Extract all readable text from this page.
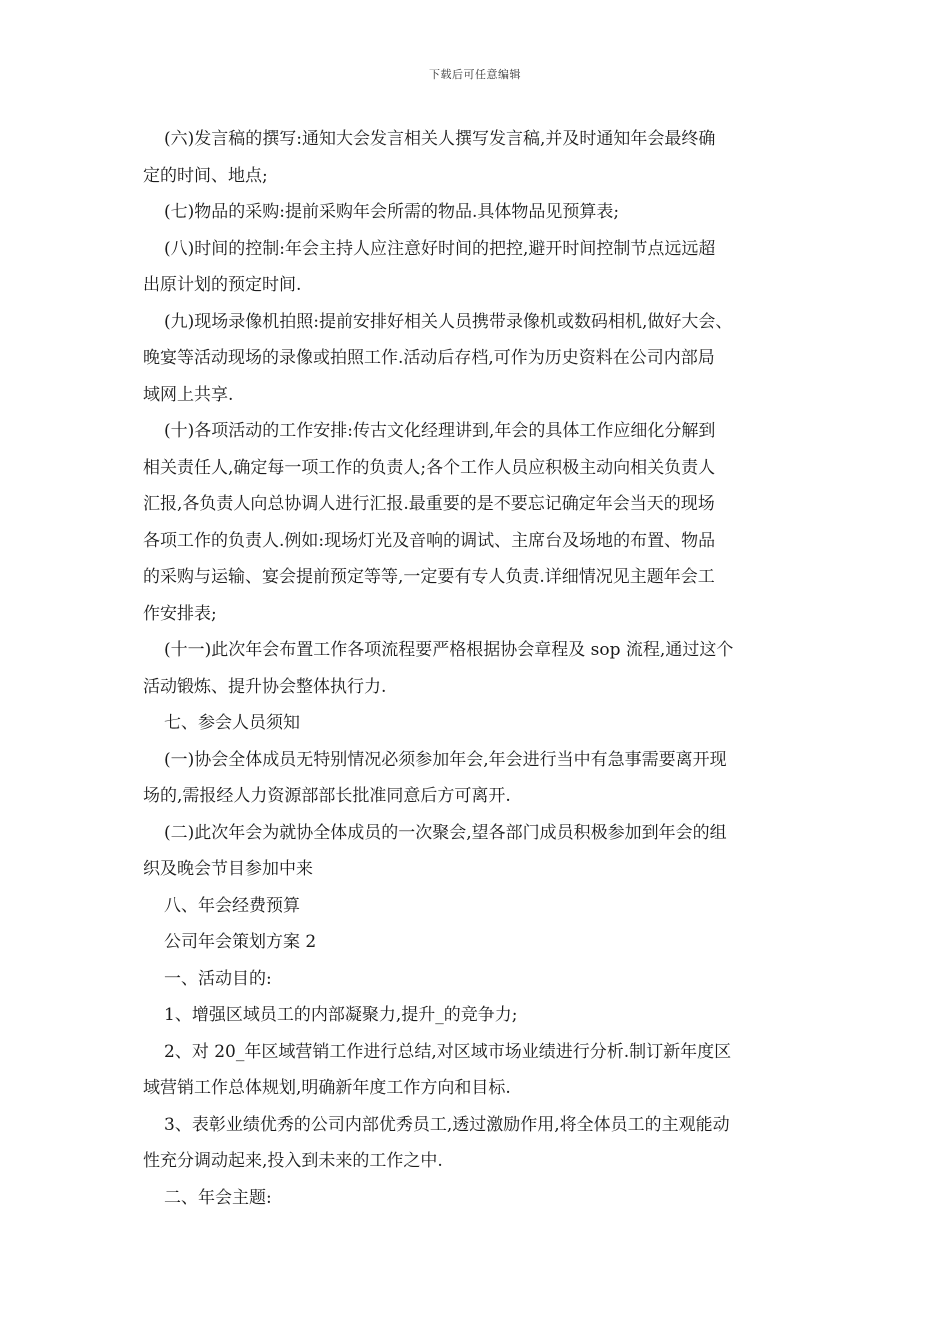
下载后可任意编辑
(六)发言稿的撰写:通知大会发言相关人撰写发言稿,并及时通知年会最终确
定的时间、地点;
(七)物品的采购:提前采购年会所需的物品.具体物品见预算表;
(八)时间的控制:年会主持人应注意好时间的把控,避开时间控制节点远远超
出原计划的预定时间.
(九)现场录像机拍照:提前安排好相关人员携带录像机或数码相机,做好大会、
晚宴等活动现场的录像或拍照工作.活动后存档,可作为历史资料在公司内部局
域网上共享.
(十)各项活动的工作安排:传古文化经理讲到,年会的具体工作应细化分解到
相关责任人,确定每一项工作的负责人;各个工作人员应积极主动向相关负责人
汇报,各负责人向总协调人进行汇报.最重要的是不要忘记确定年会当天的现场
各项工作的负责人.例如:现场灯光及音响的调试、主席台及场地的布置、物品
的采购与运输、宴会提前预定等等,一定要有专人负责.详细情况见主题年会工
作安排表;
(十一)此次年会布置工作各项流程要严格根据协会章程及 sop 流程,通过这个
活动锻炼、提升协会整体执行力.
七、参会人员须知
(一)协会全体成员无特别情况必须参加年会,年会进行当中有急事需要离开现
场的,需报经人力资源部部长批准同意后方可离开.
(二)此次年会为就协全体成员的一次聚会,望各部门成员积极参加到年会的组
织及晚会节目参加中来
八、年会经费预算
公司年会策划方案 2
一、活动目的:
1、增强区域员工的内部凝聚力,提升_的竞争力;
2、对 20_年区域营销工作进行总结,对区域市场业绩进行分析.制订新年度区
域营销工作总体规划,明确新年度工作方向和目标.
3、表彰业绩优秀的公司内部优秀员工,透过激励作用,将全体员工的主观能动
性充分调动起来,投入到未来的工作之中.
二、年会主题:
